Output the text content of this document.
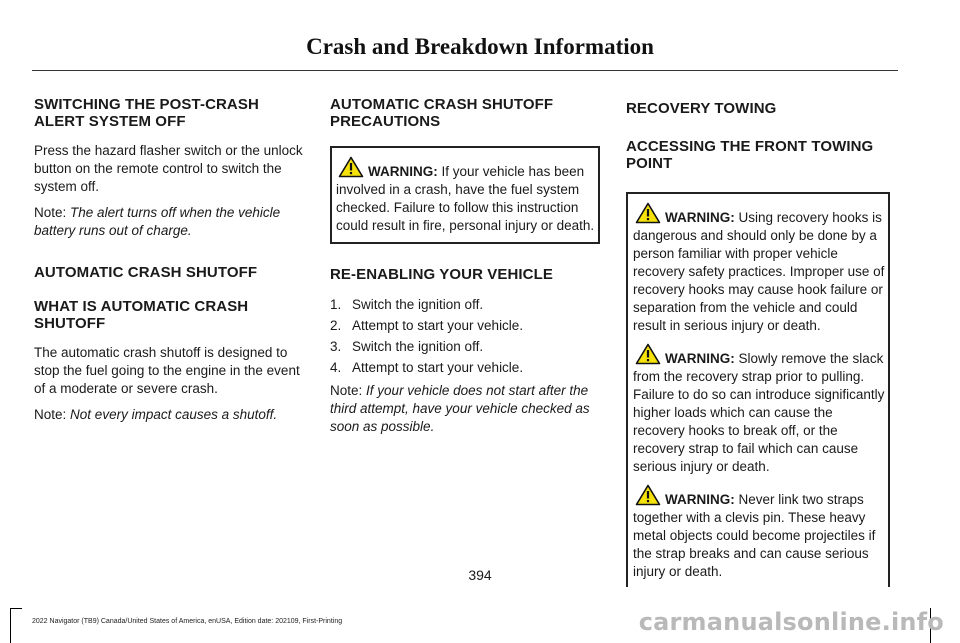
Crash and Breakdown Information
SWITCHING THE POST-CRASH ALERT SYSTEM OFF

Press the hazard flasher switch or the unlock button on the remote control to switch the system off.

Note: The alert turns off when the vehicle battery runs out of charge.

AUTOMATIC CRASH SHUTOFF
WHAT IS AUTOMATIC CRASH SHUTOFF

The automatic crash shutoff is designed to stop the fuel going to the engine in the event of a moderate or severe crash.

Note: Not every impact causes a shutoff.

AUTOMATIC CRASH SHUTOFF PRECAUTIONS
WARNING: If your vehicle has been involved in a crash, have the fuel system checked. Failure to follow this instruction could result in fire, personal injury or death.
RE-ENABLING YOUR VEHICLE
1. Switch the ignition off.
2. Attempt to start your vehicle.
3. Switch the ignition off.
4. Attempt to start your vehicle.

Note: If your vehicle does not start after the third attempt, have your vehicle checked as soon as possible.

RECOVERY TOWING
ACCESSING THE FRONT TOWING POINT
WARNING: Using recovery hooks is dangerous and should only be done by a person familiar with proper vehicle recovery safety practices. Improper use of recovery hooks may cause hook failure or separation from the vehicle and could result in serious injury or death.
WARNING: Slowly remove the slack from the recovery strap prior to pulling. Failure to do so can introduce significantly higher loads which can cause the recovery hooks to break off, or the recovery strap to fail which can cause serious injury or death.
WARNING: Never link two straps together with a clevis pin. These heavy metal objects could become projectiles if the strap breaks and can cause serious injury or death.
394
2022 Navigator (TB9) Canada/United States of America, enUSA, Edition date: 202109, First-Printing	carmanualsonline.info
